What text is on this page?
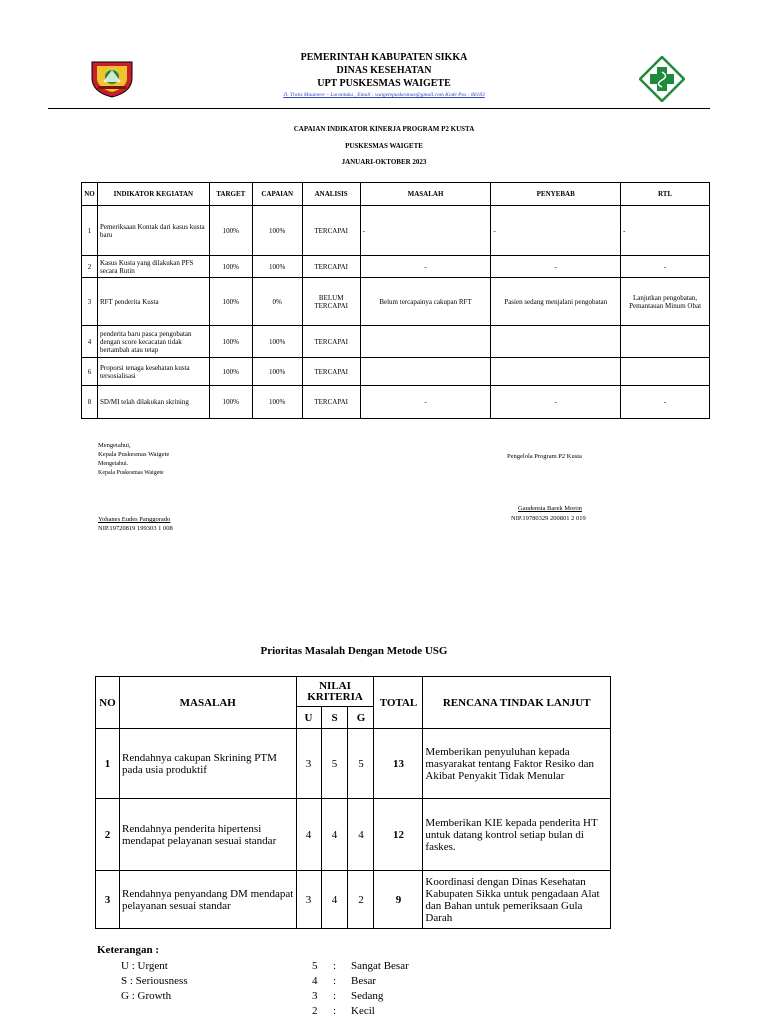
PEMERINTAH KABUPATEN SIKKA
DINAS KESEHATAN
UPT PUSKESMAS WAIGETE
Jl. Trans Maumere – Larantuka , Email : waigetepuskesmas@gmail.com Kode Pos : 86183
CAPAIAN INDIKATOR KINERJA PROGRAM P2 KUSTA
PUSKESMAS WAIGETE
JANUARI-OKTOBER 2023
NO	INDIKATOR KEGIATAN	TARGET	CAPAIAN	ANALISIS	MASALAH	PENYEBAB	RTL
1	Pemeriksaan Kontak dari kasus kusta baru	100%	100%	TERCAPAI	-	-	-
2	Kasus Kusta yang dilakukan PFS secara Rutin	100%	100%	TERCAPAI	-	-	-
3	RFT penderita Kusta	100%	0%	BELUM TERCAPAI	Belum tercapainya cakupan RFT	Pasien sedang menjalani pengobatan	Lanjutkan pengobatan, Pemantauan Minum Obat
4	penderita baru pasca pengobatan dengan score kecacatan tidak bertambah atau tetap	100%	100%	TERCAPAI			
6	Proporsi tenaga kesehatan kusta tersosialisasi	100%	100%	TERCAPAI			
8	SD/MI telah dilakukan skrining	100%	100%	TERCAPAI	-	-	-
Mengetahui,
Kepala Puskesmas Waigete
Mengetahui.
Kepala Puskesmas Waigete
Yohanes Eudes Panggorado
NIP.19720819 199303 1 008
Pengelola Program P2 Kusta
Gaudensia Barek Moron
NIP.19780329 200801 2 019
Prioritas Masalah Dengan Metode USG
NO	MASALAH	NILAI KRITERIA			TOTAL	RENCANA TINDAK LANJUT
		U	S	G		
1	Rendahnya cakupan Skrining PTM pada usia produktif	3	5	5	13	Memberikan penyuluhan kepada masyarakat tentang Faktor Resiko dan Akibat Penyakit Tidak Menular
2	Rendahnya penderita hipertensi mendapat pelayanan sesuai standar	4	4	4	12	Memberikan KIE kepada penderita HT untuk datang kontrol setiap bulan di faskes.
3	Rendahnya penyandang DM mendapat pelayanan sesuai standar	3	4	2	9	Koordinasi dengan Dinas Kesehatan Kabupaten Sikka untuk pengadaan Alat dan Bahan untuk pemeriksaan Gula Darah
Keterangan :
U : Urgent
S : Seriousness
G : Growth
5 : Sangat Besar
4 : Besar
3 : Sedang
2 : Kecil
